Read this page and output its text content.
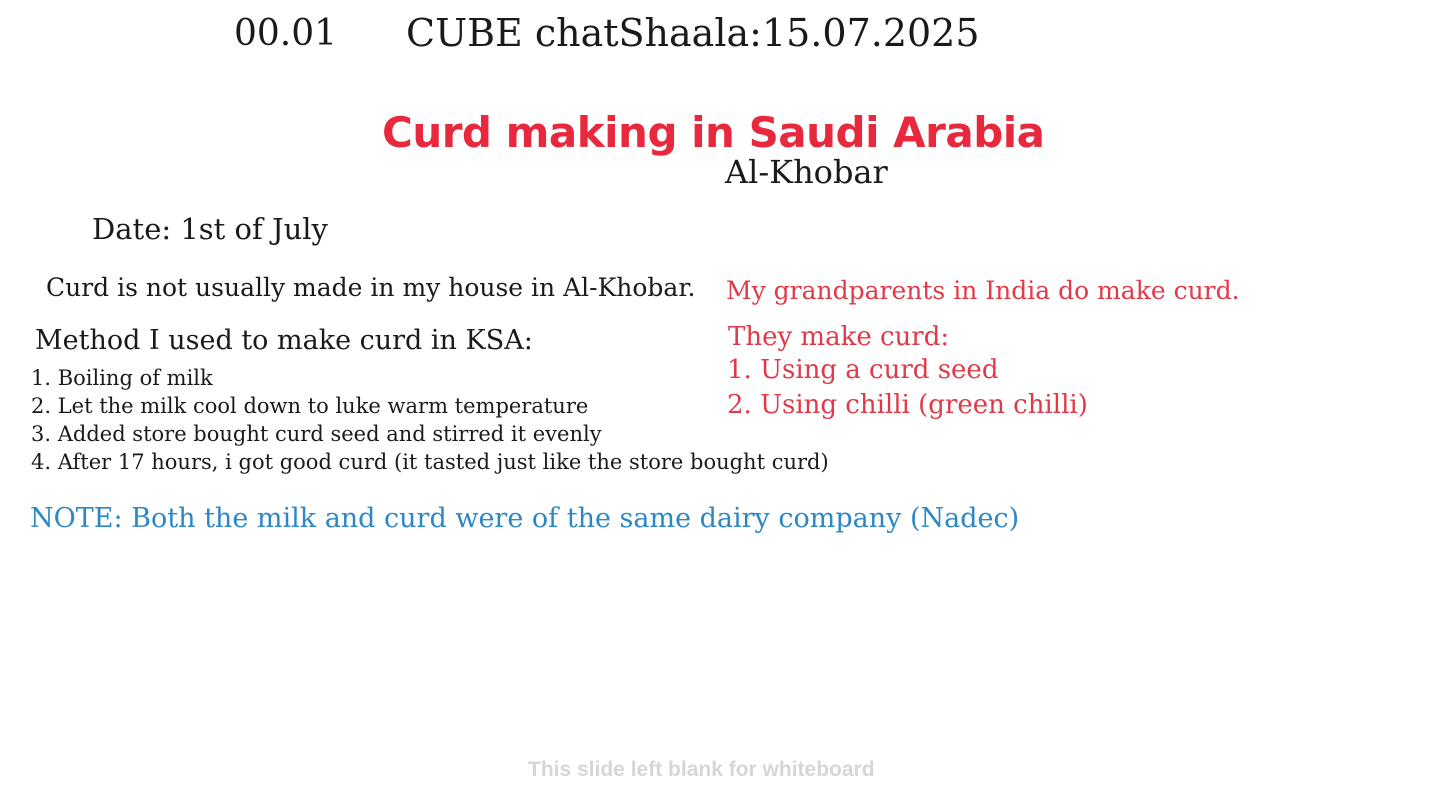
00.01 CUBE chatShaala:15.07.2025
Curd making in Saudi Arabia
Al-Khobar
Date: 1st of July
Curd is not usually made in my house in Al-Khobar.
Method I used to make curd in KSA:
1. Boiling of milk
2. Let the milk cool down to luke warm temperature
3. Added store bought curd seed and stirred it evenly
4. After 17 hours, i got good curd (it tasted just like the store bought curd)
My grandparents in India do make curd.
They make curd:
1. Using a curd seed
2. Using chilli (green chilli)
NOTE: Both the milk and curd were of the same dairy company (Nadec)
This slide left blank for whiteboard
